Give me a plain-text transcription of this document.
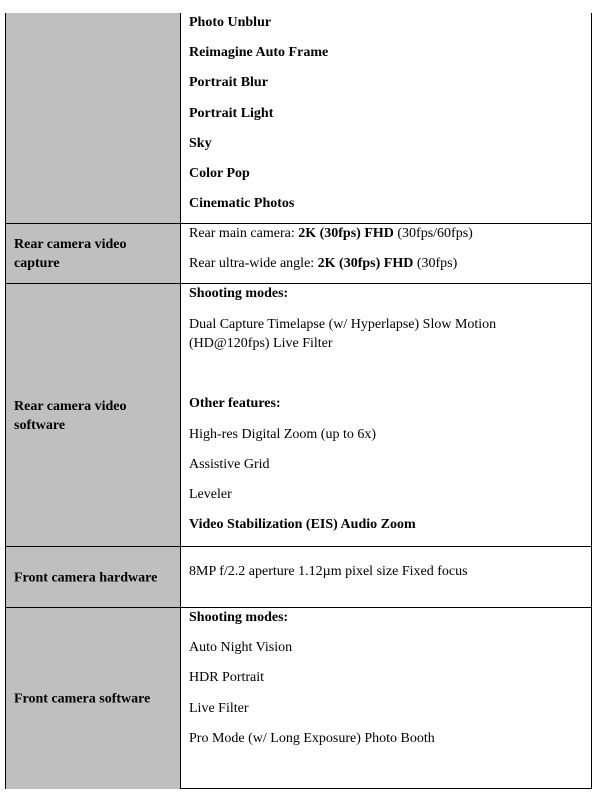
Photo Unblur
Reimagine Auto Frame
Portrait Blur
Portrait Light
Sky
Color Pop
Cinematic Photos
Rear camera video capture
Rear main camera: 2K (30fps) FHD (30fps/60fps)
Rear ultra-wide angle: 2K (30fps) FHD (30fps)
Rear camera video software
Shooting modes:
Dual Capture Timelapse (w/ Hyperlapse) Slow Motion (HD@120fps) Live Filter
Other features:
High-res Digital Zoom (up to 6x)
Assistive Grid
Leveler
Video Stabilization (EIS) Audio Zoom
Front camera hardware	8MP f/2.2 aperture 1.12µm pixel size Fixed focus
Front camera software
Shooting modes:
Auto Night Vision
HDR Portrait
Live Filter
Pro Mode (w/ Long Exposure) Photo Booth
